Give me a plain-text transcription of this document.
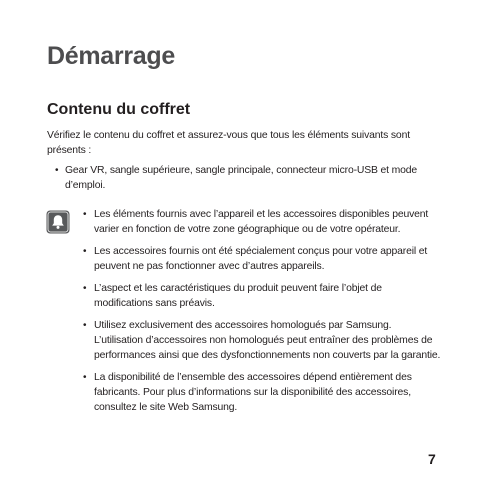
Démarrage
Contenu du coffret
Vérifiez le contenu du coffret et assurez-vous que tous les éléments suivants sont présents :
• Gear VR, sangle supérieure, sangle principale, connecteur micro-USB et mode d’emploi.
• Les éléments fournis avec l’appareil et les accessoires disponibles peuvent varier en fonction de votre zone géographique ou de votre opérateur.
• Les accessoires fournis ont été spécialement conçus pour votre appareil et peuvent ne pas fonctionner avec d’autres appareils.
• L’aspect et les caractéristiques du produit peuvent faire l’objet de modifications sans préavis.
• Utilisez exclusivement des accessoires homologués par Samsung. L’utilisation d’accessoires non homologués peut entraîner des problèmes de performances ainsi que des dysfonctionnements non couverts par la garantie.
• La disponibilité de l’ensemble des accessoires dépend entièrement des fabricants. Pour plus d’informations sur la disponibilité des accessoires, consultez le site Web Samsung.
7
